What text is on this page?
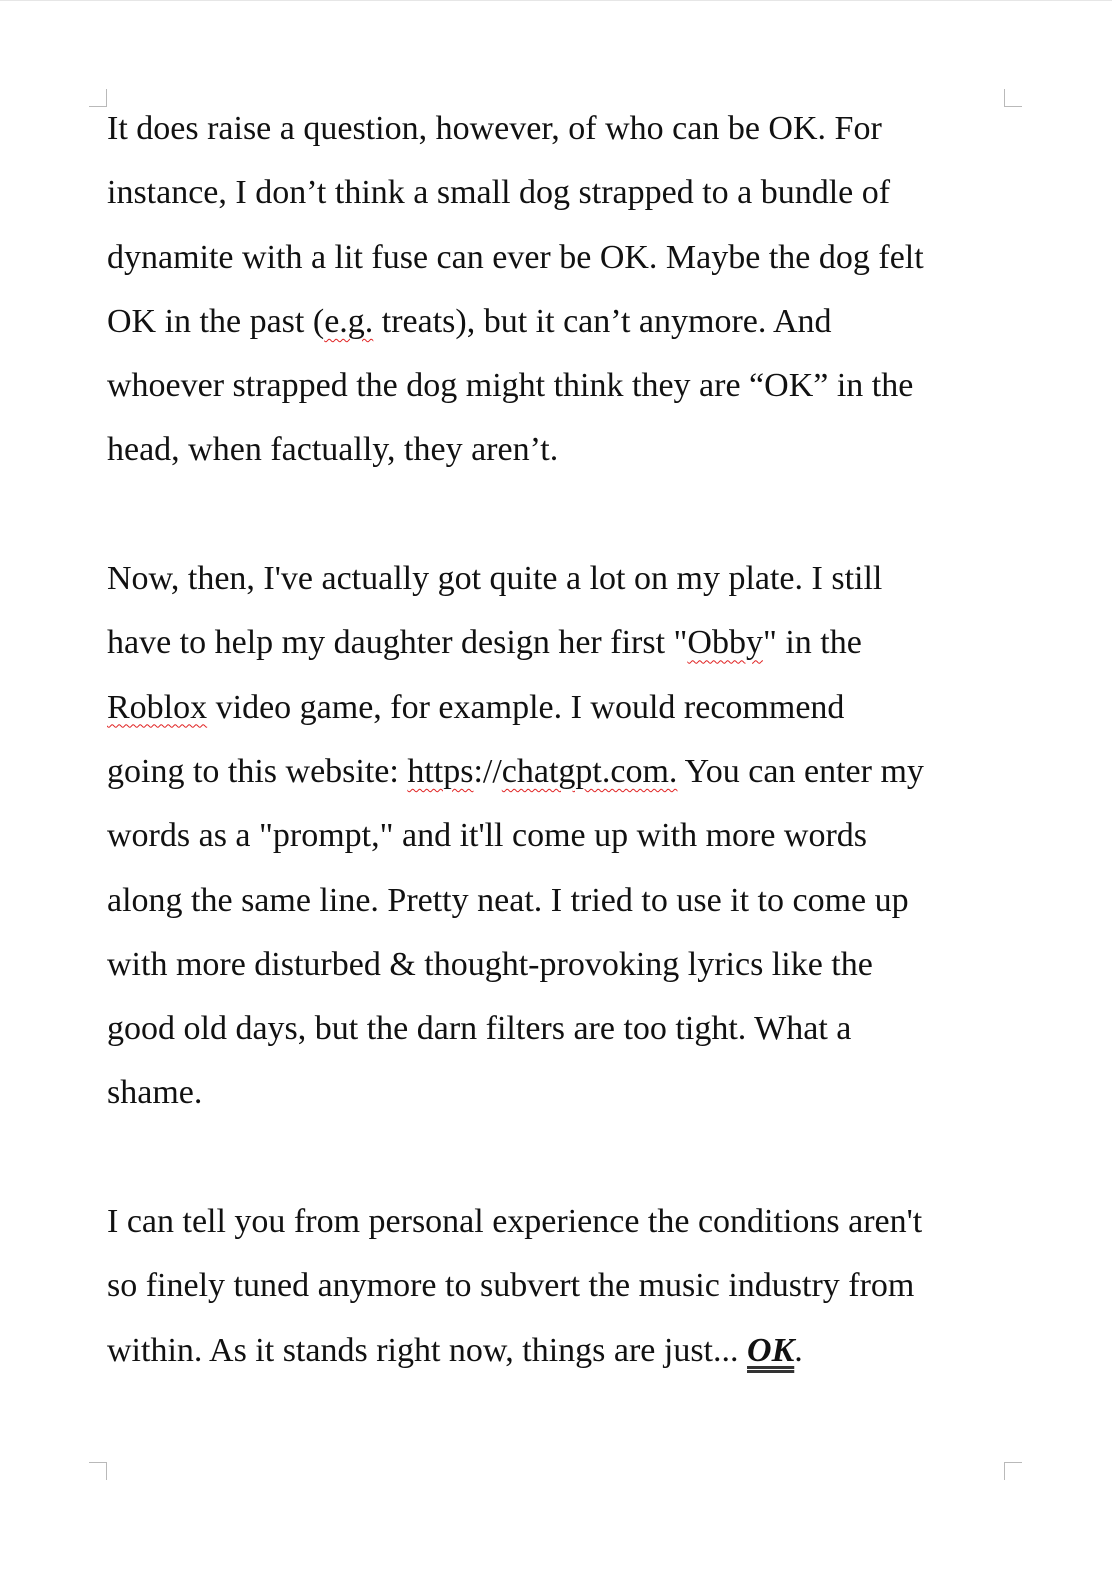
It does raise a question, however, of who can be OK. For
instance, I don’t think a small dog strapped to a bundle of
dynamite with a lit fuse can ever be OK. Maybe the dog felt
OK in the past (e.g. treats), but it can’t anymore. And
whoever strapped the dog might think they are “OK” in the
head, when factually, they aren’t.
Now, then, I've actually got quite a lot on my plate. I still
have to help my daughter design her first "Obby" in the
Roblox video game, for example. I would recommend
going to this website: https://chatgpt.com. You can enter my
words as a "prompt," and it'll come up with more words
along the same line. Pretty neat. I tried to use it to come up
with more disturbed & thought-provoking lyrics like the
good old days, but the darn filters are too tight. What a
shame.
I can tell you from personal experience the conditions aren't
so finely tuned anymore to subvert the music industry from
within. As it stands right now, things are just... OK.
